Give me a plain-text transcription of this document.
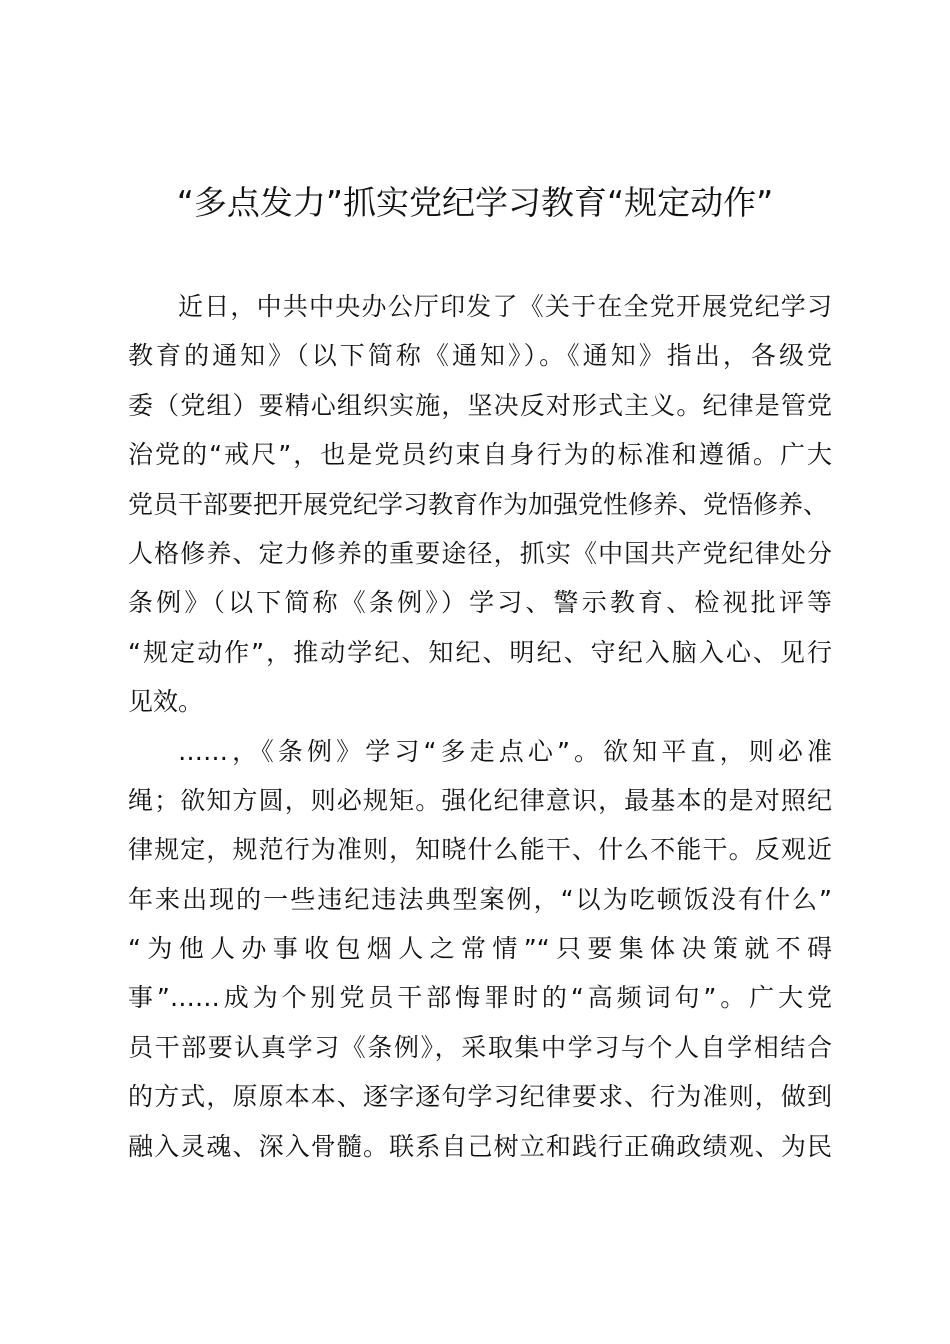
“多点发力”抓实党纪学习教育“规定动作”
近日，中共中央办公厅印发了《关于在全党开展党纪学习
教育的通知》（以下简称《通知》）。《通知》指出，各级党
委（党组）要精心组织实施，坚决反对形式主义。纪律是管党
治党的“戒尺”，也是党员约束自身行为的标准和遵循。广大
党员干部要把开展党纪学习教育作为加强党性修养、党悟修养、
人格修养、定力修养的重要途径，抓实《中国共产党纪律处分
条例》（以下简称《条例》）学习、警示教育、检视批评等
“规定动作”，推动学纪、知纪、明纪、守纪入脑入心、见行
见效。
……，《条例》学习“多走点心”。欲知平直，则必准
绳；欲知方圆，则必规矩。强化纪律意识，最基本的是对照纪
律规定，规范行为准则，知晓什么能干、什么不能干。反观近
年来出现的一些违纪违法典型案例，“以为吃顿饭没有什么”
“为他人办事收包烟人之常情”“只要集体决策就不碍
事”……成为个别党员干部悔罪时的“高频词句”。广大党
员干部要认真学习《条例》，采取集中学习与个人自学相结合
的方式，原原本本、逐字逐句学习纪律要求、行为准则，做到
融入灵魂、深入骨髓。联系自己树立和践行正确政绩观、为民
